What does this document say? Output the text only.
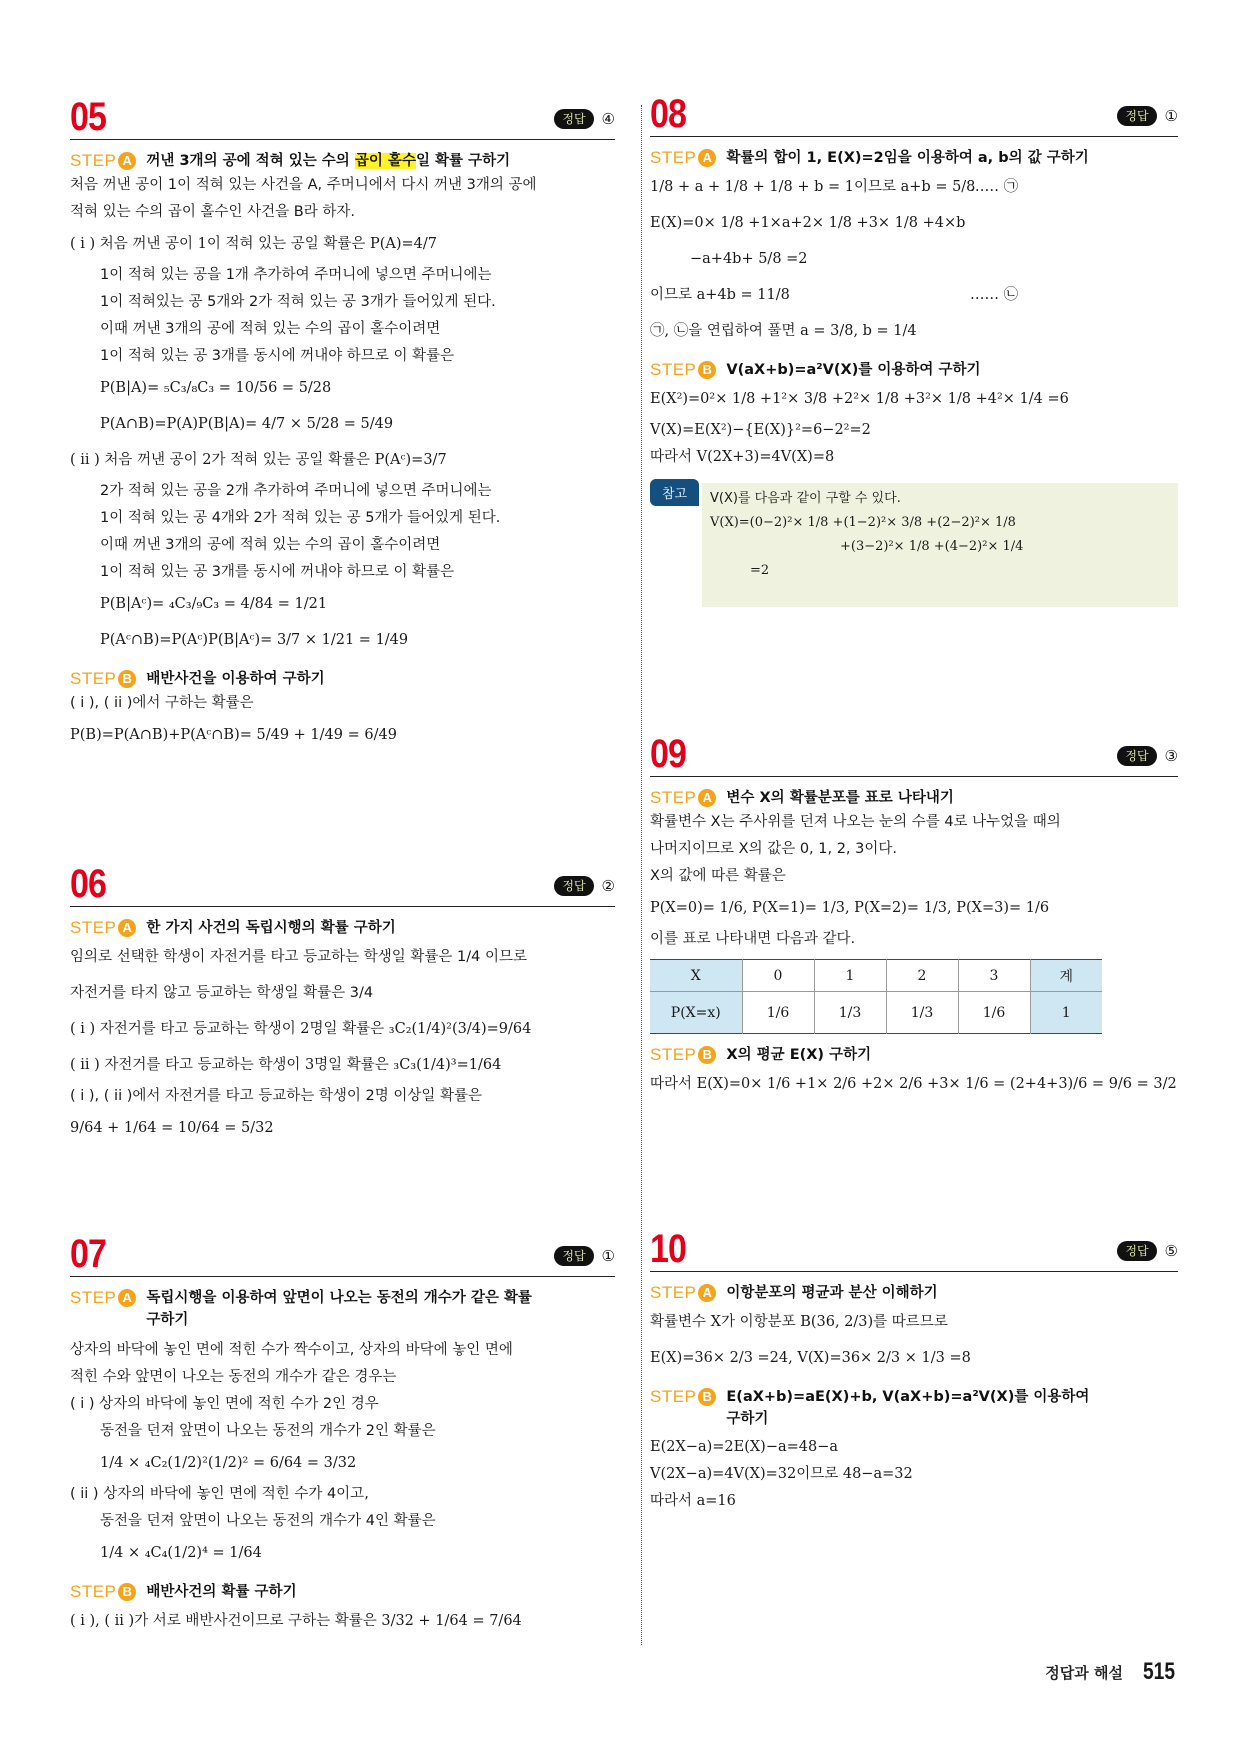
05	정답	④
STEP A 꺼낸 3개의 공에 적혀 있는 수의 곱이 홀수일 확률 구하기
처음 꺼낸 공이 1이 적혀 있는 사건을 A, 주머니에서 다시 꺼낸 3개의 공에
적혀 있는 수의 곱이 홀수인 사건을 B라 하자.
( i ) 처음 꺼낸 공이 1이 적혀 있는 공일 확률은 P(A)=4/7
1이 적혀 있는 공을 1개 추가하여 주머니에 넣으면 주머니에는
1이 적혀있는 공 5개와 2가 적혀 있는 공 3개가 들어있게 된다.
이때 꺼낸 3개의 공에 적혀 있는 수의 곱이 홀수이려면
1이 적혀 있는 공 3개를 동시에 꺼내야 하므로 이 확률은
P(B|A)= ₅C₃/₈C₃ = 10/56 = 5/28
P(A∩B)=P(A)P(B|A)= 4/7 × 5/28 = 5/49
( ii ) 처음 꺼낸 공이 2가 적혀 있는 공일 확률은 P(Aᶜ)=3/7
2가 적혀 있는 공을 2개 추가하여 주머니에 넣으면 주머니에는
1이 적혀 있는 공 4개와 2가 적혀 있는 공 5개가 들어있게 된다.
이때 꺼낸 3개의 공에 적혀 있는 수의 곱이 홀수이려면
1이 적혀 있는 공 3개를 동시에 꺼내야 하므로 이 확률은
P(B|Aᶜ)= ₄C₃/₉C₃ = 4/84 = 1/21
P(Aᶜ∩B)=P(Aᶜ)P(B|Aᶜ)= 3/7 × 1/21 = 1/49
STEP B 배반사건을 이용하여 구하기
( i ), ( ii )에서 구하는 확률은
P(B)=P(A∩B)+P(Aᶜ∩B)= 5/49 + 1/49 = 6/49
06	정답	②
STEP A 한 가지 사건의 독립시행의 확률 구하기
임의로 선택한 학생이 자전거를 타고 등교하는 학생일 확률은 1/4 이므로
자전거를 타지 않고 등교하는 학생일 확률은 3/4
( i ) 자전거를 타고 등교하는 학생이 2명일 확률은 ₃C₂(1/4)²(3/4)=9/64
( ii ) 자전거를 타고 등교하는 학생이 3명일 확률은 ₃C₃(1/4)³=1/64
( i ), ( ii )에서 자전거를 타고 등교하는 학생이 2명 이상일 확률은
9/64 + 1/64 = 10/64 = 5/32
07	정답	①
STEP A 독립시행을 이용하여 앞면이 나오는 동전의 개수가 같은 확률
구하기
상자의 바닥에 놓인 면에 적힌 수가 짝수이고, 상자의 바닥에 놓인 면에
적힌 수와 앞면이 나오는 동전의 개수가 같은 경우는
( i ) 상자의 바닥에 놓인 면에 적힌 수가 2인 경우
동전을 던져 앞면이 나오는 동전의 개수가 2인 확률은
1/4 × ₄C₂(1/2)²(1/2)² = 6/64 = 3/32
( ii ) 상자의 바닥에 놓인 면에 적힌 수가 4이고,
동전을 던져 앞면이 나오는 동전의 개수가 4인 확률은
1/4 × ₄C₄(1/2)⁴ = 1/64
STEP B 배반사건의 확률 구하기
( i ), ( ii )가 서로 배반사건이므로 구하는 확률은 3/32 + 1/64 = 7/64
08	정답	①
STEP A 확률의 합이 1, E(X)=2임을 이용하여 a, b의 값 구하기
1/8 + a + 1/8 + 1/8 + b = 1이므로 a+b = 5/8
…… ㉠
E(X)=0× 1/8 +1×a+2× 1/8 +3× 1/8 +4×b
−a+4b+ 5/8 =2
이므로 a+4b = 11/8	…… ㉡
㉠, ㉡을 연립하여 풀면 a = 3/8, b = 1/4
STEP B V(aX+b)=a²V(X)를 이용하여 구하기
E(X²)=0²× 1/8 +1²× 3/8 +2²× 1/8 +3²× 1/8 +4²× 1/4 =6
V(X)=E(X²)−{E(X)}²=6−2²=2
따라서 V(2X+3)=4V(X)=8
참고	V(X)를 다음과 같이 구할 수 있다.
V(X)=(0−2)²× 1/8 +(1−2)²× 3/8 +(2−2)²× 1/8
+(3−2)²× 1/8 +(4−2)²× 1/4
=2
09	정답	③
STEP A 변수 X의 확률분포를 표로 나타내기
확률변수 X는 주사위를 던져 나오는 눈의 수를 4로 나누었을 때의
나머지이므로 X의 값은 0, 1, 2, 3이다.
X의 값에 따른 확률은
P(X=0)= 1/6, P(X=1)= 1/3, P(X=2)= 1/3, P(X=3)= 1/6
이를 표로 나타내면 다음과 같다.
X	0	1	2	3	계
P(X=x)	1/6	1/3	1/3	1/6	1
STEP B X의 평균 E(X) 구하기
따라서 E(X)=0× 1/6 +1× 2/6 +2× 2/6 +3× 1/6 = (2+4+3)/6 = 9/6 = 3/2
10	정답	⑤
STEP A 이항분포의 평균과 분산 이해하기
확률변수 X가 이항분포 B(36, 2/3)를 따르므로
E(X)=36× 2/3 =24, V(X)=36× 2/3 × 1/3 =8
STEP B E(aX+b)=aE(X)+b, V(aX+b)=a²V(X)를 이용하여
구하기
E(2X−a)=2E(X)−a=48−a
V(2X−a)=4V(X)=32이므로 48−a=32
따라서 a=16
정답과 해설 515
